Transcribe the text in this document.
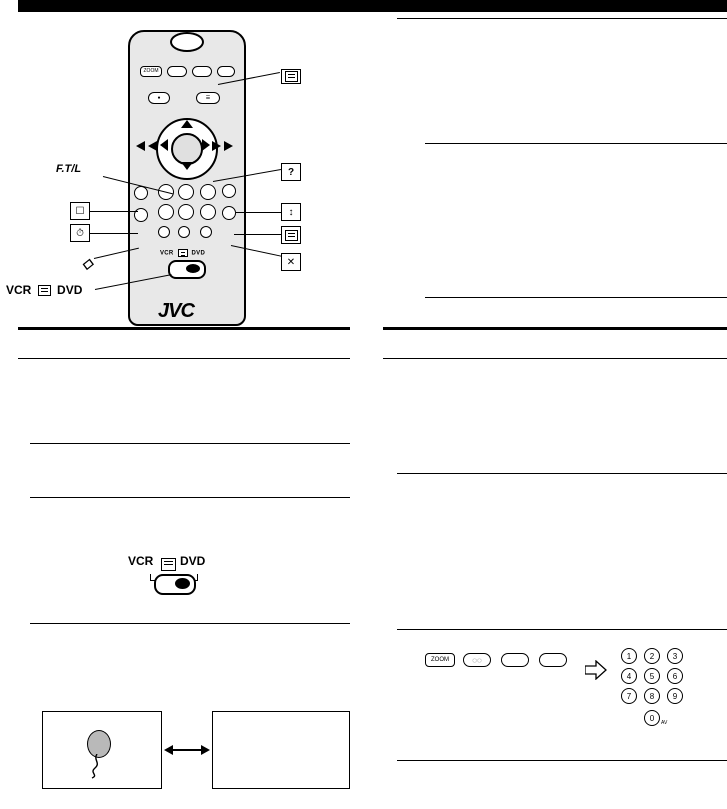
ZOOM
●	☰
VCR	DVD
JVC
F.T/L	?
↕
☐
⏱
✕
◇
VCR DVD
VCR DVD
ZOOM	◌◌	1	2	3
4	5	6
7	8	9
0
AV
